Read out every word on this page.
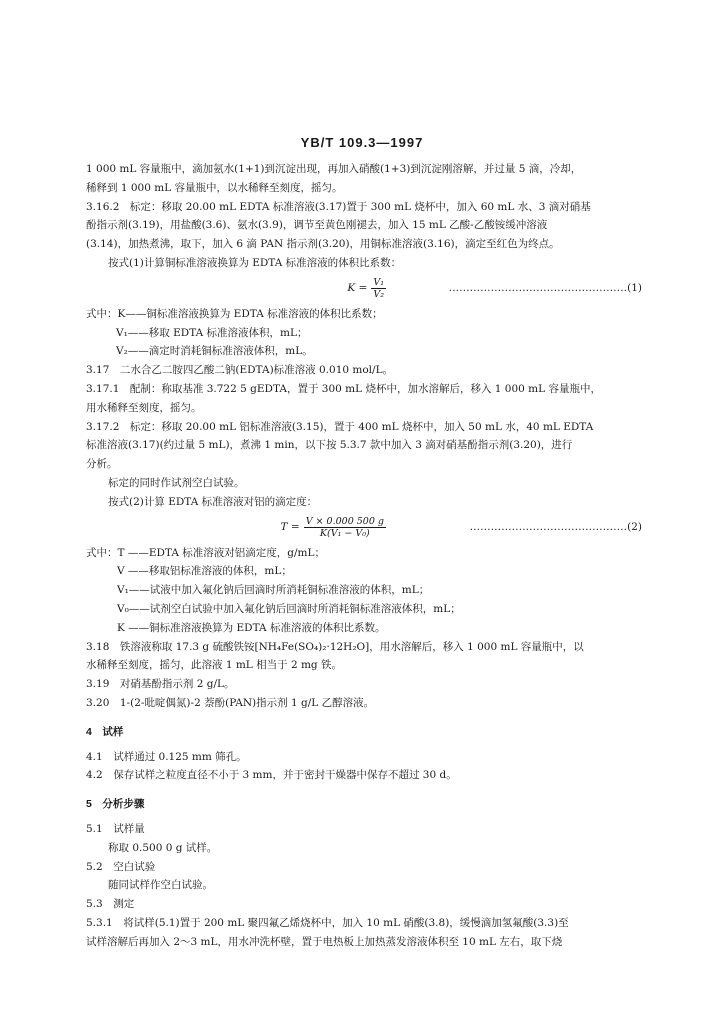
YB/T 109.3—1997

1 000 mL 容量瓶中，滴加氨水(1+1)到沉淀出现，再加入硝酸(1+3)到沉淀刚溶解，并过量 5 滴，冷却，

稀释到 1 000 mL 容量瓶中，以水稀释至刻度，摇匀。

3.16.2　标定：移取 20.00 mL EDTA 标准溶液(3.17)置于 300 mL 烧杯中，加入 60 mL 水、3 滴对硝基

酚指示剂(3.19)，用盐酸(3.6)、氨水(3.9)，调节至黄色刚褪去，加入 15 mL 乙酸-乙酸铵缓冲溶液

(3.14)，加热煮沸，取下，加入 6 滴 PAN 指示剂(3.20)，用铜标准溶液(3.16)，滴定至红色为终点。

按式(1)计算铜标准溶液换算为 EDTA 标准溶液的体积比系数：

$K = \frac{\text{V₁}}{\text{V₂}}$	……………………………………………(1)

式中：K——铜标准溶液换算为 EDTA 标准溶液的体积比系数；

V₁——移取 EDTA 标准溶液体积，mL；

V₂——滴定时消耗铜标准溶液体积，mL。

3.17　二水合乙二胺四乙酸二钠(EDTA)标准溶液 0.010 mol/L。

3.17.1　配制：称取基准 3.722 5 gEDTA，置于 300 mL 烧杯中，加水溶解后，移入 1 000 mL 容量瓶中，

用水稀释至刻度，摇匀。

3.17.2　标定：移取 20.00 mL 铝标准溶液(3.15)，置于 400 mL 烧杯中，加入 50 mL 水，40 mL EDTA

标准溶液(3.17)(约过量 5 mL)，煮沸 1 min，以下按 5.3.7 款中加入 3 滴对硝基酚指示剂(3.20)，进行

分析。

标定的同时作试剂空白试验。

按式(2)计算 EDTA 标准溶液对铝的滴定度：

$T = \frac{V \times 0.000 500 g}{\text{K(V₁ − V₀)}}$	………………………………………(2)

式中：T ——EDTA 标准溶液对铝滴定度，g/mL；

V ——移取铝标准溶液的体积，mL；

V₁——试液中加入氟化钠后回滴时所消耗铜标准溶液的体积，mL；

V₀——试剂空白试验中加入氟化钠后回滴时所消耗铜标准溶液体积，mL；

K ——铜标准溶液换算为 EDTA 标准溶液的体积比系数。

3.18　铁溶液称取 17.3 g 硫酸铁铵[NH₄Fe(SO₄)₂·12H₂O]，用水溶解后，移入 1 000 mL 容量瓶中，以

水稀释至刻度，摇匀，此溶液 1 mL 相当于 2 mg 铁。

3.19　对硝基酚指示剂 2 g/L。

3.20　1-(2-吡啶偶氮)-2 萘酚(PAN)指示剂 1 g/L 乙醇溶液。

4　试样

4.1　试样通过 0.125 mm 筛孔。

4.2　保存试样之粒度直径不小于 3 mm，并于密封干燥器中保存不超过 30 d。

5　分析步骤

5.1　试样量

称取 0.500 0 g 试样。

5.2　空白试验

随同试样作空白试验。

5.3　测定

5.3.1　将试样(5.1)置于 200 mL 聚四氟乙烯烧杯中，加入 10 mL 硝酸(3.8)，缓慢滴加氢氟酸(3.3)至

试样溶解后再加入 2～3 mL，用水冲洗杯壁，置于电热板上加热蒸发溶液体积至 10 mL 左右，取下烧
